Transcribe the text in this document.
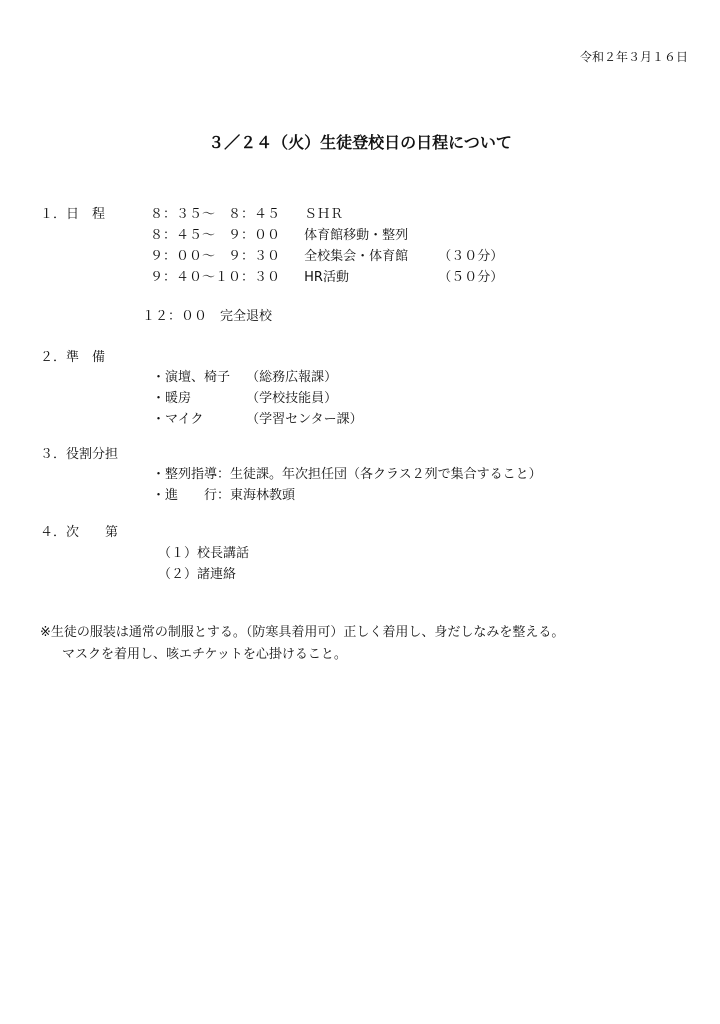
令和２年３月１６日
３／２４（火）生徒登校日の日程について
１．日　程	８：３５～　８：４５ ＳＨＲ
８：４５～　９：００ 体育館移動・整列
９：００～　９：３０ 全校集会・体育館 （３０分）
９：４０～１０：３０ HR活動	（５０分）
１２：００　完全退校
２．準　備
・演壇、椅子 （総務広報課）
・暖房	（学校技能員）
・マイク	（学習センター課）
３．役割分担
・整列指導：生徒課。年次担任団（各クラス２列で集合すること）
・進　　行：東海林教頭
４．次　　第
（１）校長講話
（２）諸連絡
※生徒の服装は通常の制服とする。（防寒具着用可）正しく着用し、身だしなみを整える。
マスクを着用し、咳エチケットを心掛けること。
